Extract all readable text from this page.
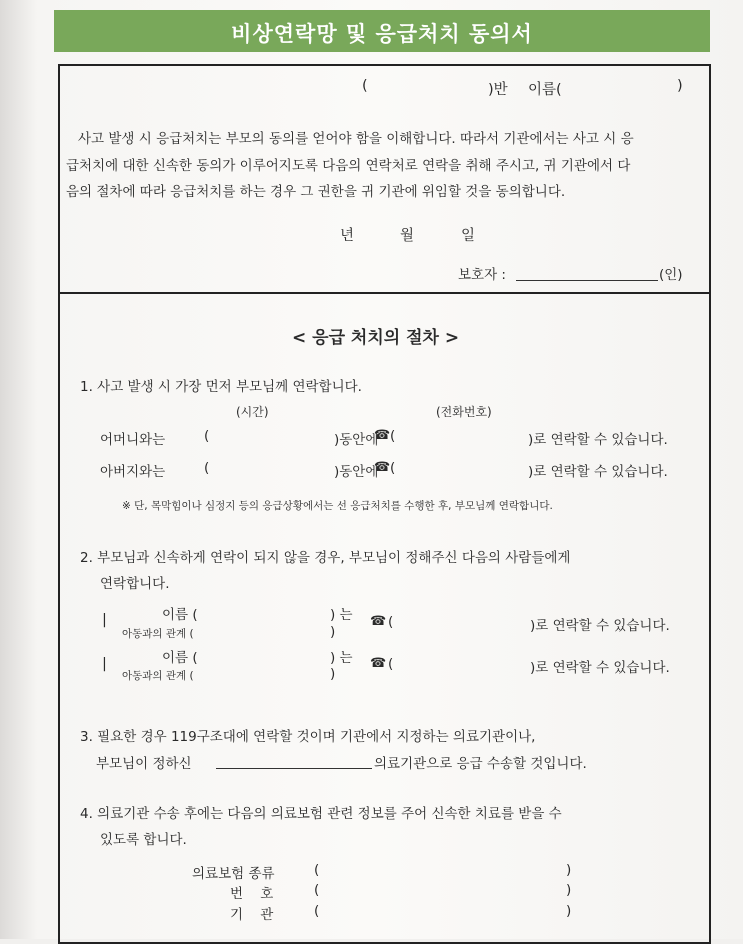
비상연락망 및 응급처치 동의서
(	)반 이름(	)
사고 발생 시 응급처치는 부모의 동의를 얻어야 함을 이해합니다. 따라서 기관에서는 사고 시 응
급처치에 대한 신속한 동의가 이루어지도록 다음의 연락처로 연락을 취해 주시고, 귀 기관에서 다
음의 절차에 따라 응급처치를 하는 경우 그 권한을 귀 기관에 위임할 것을 동의합니다.
년	월	일
보호자 :	(인)
< 응급 처치의 절차 >
1. 사고 발생 시 가장 먼저 부모님께 연락합니다.
(시간)	(전화번호)
어머니와는	(	)동안에
☎ (	)로 연락할 수 있습니다.
아버지와는	(	)동안에
☎ (	)로 연락할 수 있습니다.
※ 단, 목막힘이나 심정지 등의 응급상황에서는 선 응급처치를 수행한 후, 부모님께 연락합니다.
2. 부모님과 신속하게 연락이 되지 않을 경우, 부모님이 정해주신 다음의 사람들에게
연락합니다.
|	이름 (	) 는
아동과의 관계 (	)
☎ (	)로 연락할 수 있습니다.
|	이름 (	) 는
아동과의 관계 (	)
☎ (	)로 연락할 수 있습니다.
3. 필요한 경우 119구조대에 연락할 것이며 기관에서 지정하는 의료기관이나,
부모님이 정하신	의료기관으로 응급 수송할 것입니다.
4. 의료기관 수송 후에는 다음의 의료보험 관련 정보를 주어 신속한 치료를 받을 수
있도록 합니다.
의료보험 종류	(	)
번    호	(	)
기    관	(	)
